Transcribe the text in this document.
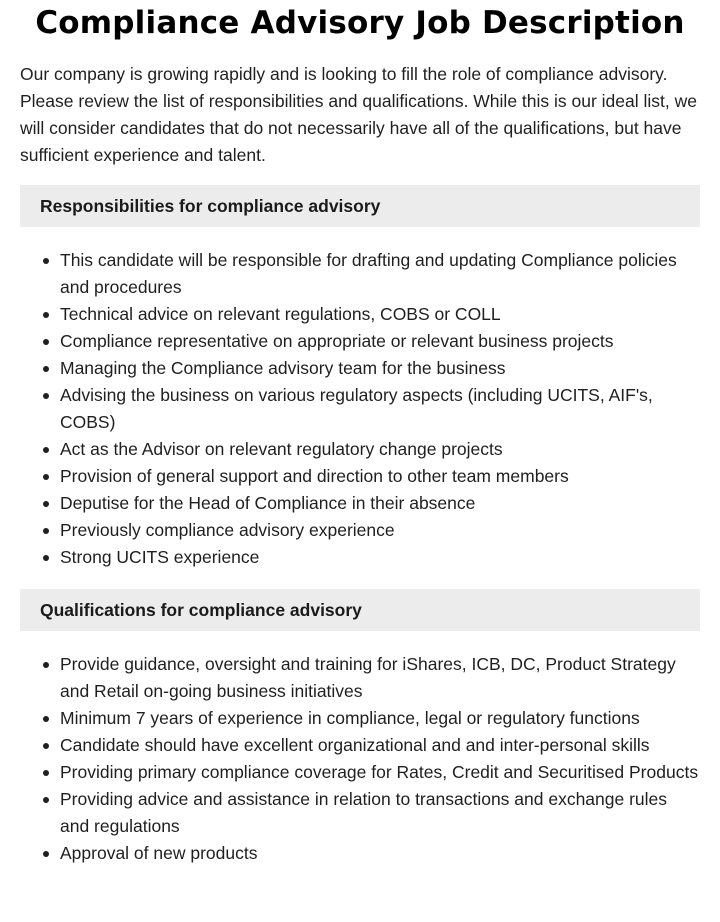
Compliance Advisory Job Description

Our company is growing rapidly and is looking to fill the role of compliance advisory. Please review the list of responsibilities and qualifications. While this is our ideal list, we will consider candidates that do not necessarily have all of the qualifications, but have sufficient experience and talent.

Responsibilities for compliance advisory
This candidate will be responsible for drafting and updating Compliance policies and procedures
Technical advice on relevant regulations, COBS or COLL
Compliance representative on appropriate or relevant business projects
Managing the Compliance advisory team for the business
Advising the business on various regulatory aspects (including UCITS, AIF's, COBS)
Act as the Advisor on relevant regulatory change projects
Provision of general support and direction to other team members
Deputise for the Head of Compliance in their absence
Previously compliance advisory experience
Strong UCITS experience
Qualifications for compliance advisory
Provide guidance, oversight and training for iShares, ICB, DC, Product Strategy and Retail on-going business initiatives
Minimum 7 years of experience in compliance, legal or regulatory functions
Candidate should have excellent organizational and and inter-personal skills
Providing primary compliance coverage for Rates, Credit and Securitised Products
Providing advice and assistance in relation to transactions and exchange rules and regulations
Approval of new products
